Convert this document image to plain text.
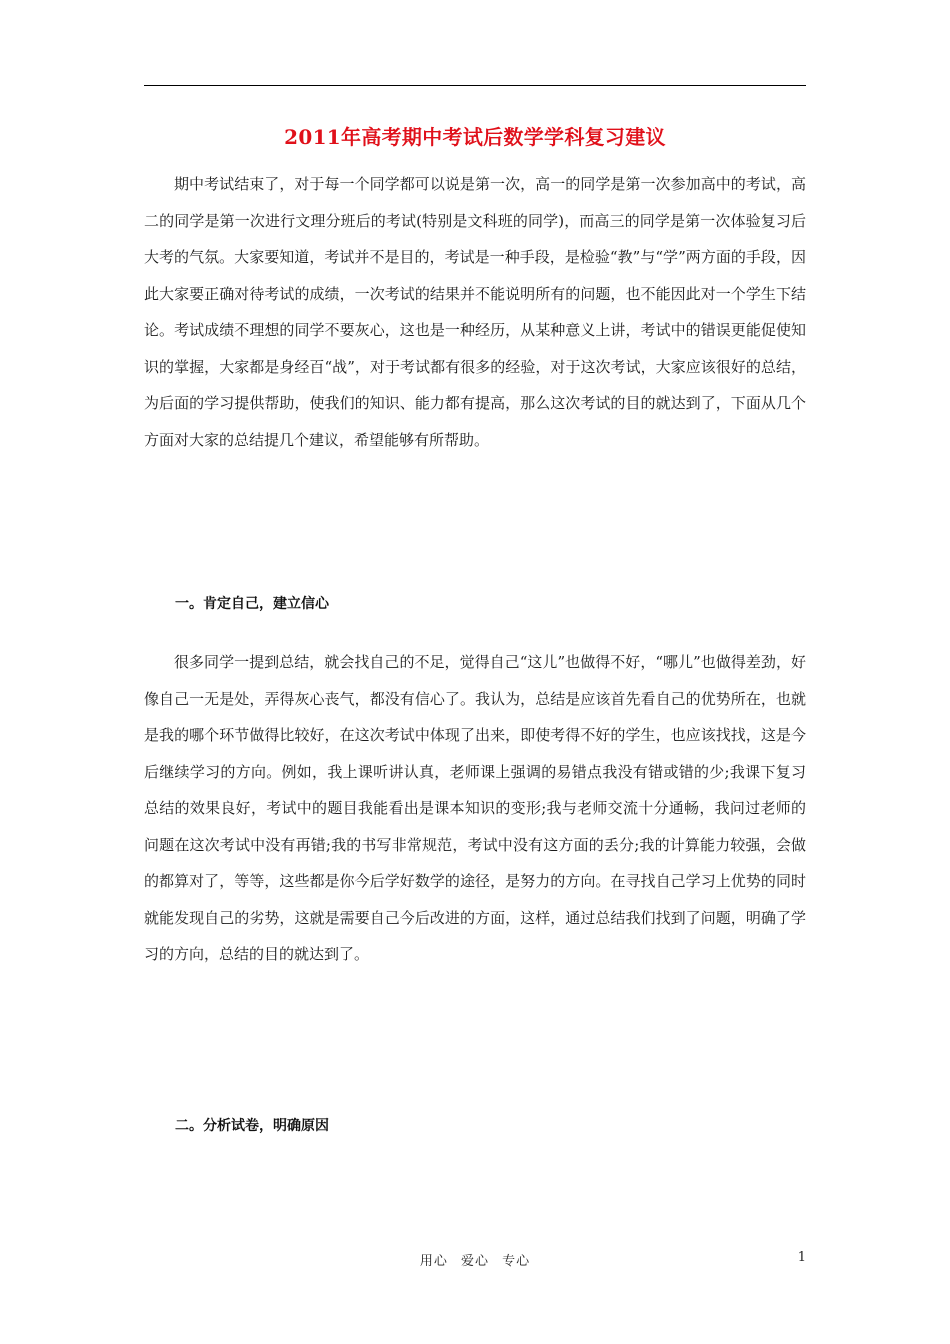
2011年高考期中考试后数学学科复习建议

期中考试结束了，对于每一个同学都可以说是第一次，高一的同学是第一次参加高中的考试，高二的同学是第一次进行文理分班后的考试(特别是文科班的同学)，而高三的同学是第一次体验复习后大考的气氛。大家要知道，考试并不是目的，考试是一种手段，是检验“教”与“学”两方面的手段，因此大家要正确对待考试的成绩，一次考试的结果并不能说明所有的问题，也不能因此对一个学生下结论。考试成绩不理想的同学不要灰心，这也是一种经历，从某种意义上讲，考试中的错误更能促使知识的掌握，大家都是身经百“战”，对于考试都有很多的经验，对于这次考试，大家应该很好的总结，为后面的学习提供帮助，使我们的知识、能力都有提高，那么这次考试的目的就达到了，下面从几个方面对大家的总结提几个建议，希望能够有所帮助。

一。肯定自己，建立信心

很多同学一提到总结，就会找自己的不足，觉得自己“这儿”也做得不好，“哪儿”也做得差劲，好像自己一无是处，弄得灰心丧气，都没有信心了。我认为，总结是应该首先看自己的优势所在，也就是我的哪个环节做得比较好，在这次考试中体现了出来，即使考得不好的学生，也应该找找，这是今后继续学习的方向。例如，我上课听讲认真，老师课上强调的易错点我没有错或错的少;我课下复习总结的效果良好，考试中的题目我能看出是课本知识的变形;我与老师交流十分通畅，我问过老师的问题在这次考试中没有再错;我的书写非常规范，考试中没有这方面的丢分;我的计算能力较强，会做的都算对了，等等，这些都是你今后学好数学的途径，是努力的方向。在寻找自己学习上优势的同时就能发现自己的劣势，这就是需要自己今后改进的方面，这样，通过总结我们找到了问题，明确了学习的方向，总结的目的就达到了。

二。分析试卷，明确原因
用心 爱心 专心	1
